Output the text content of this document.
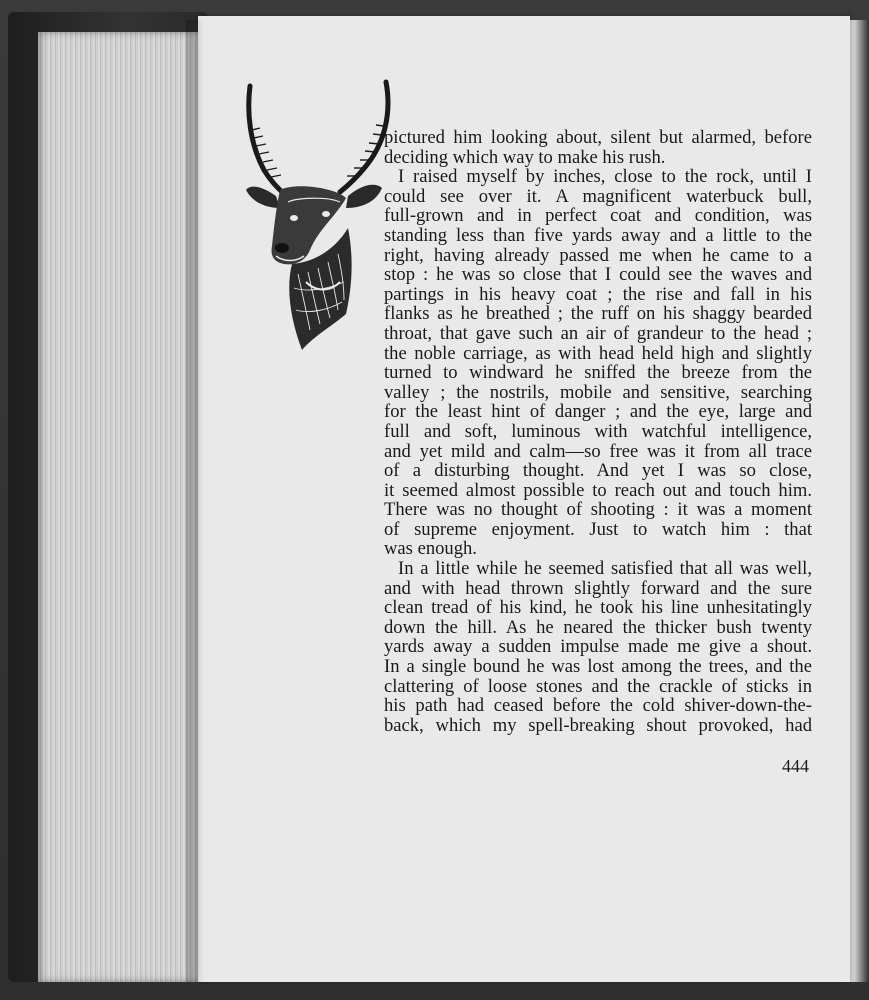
pictured him looking about, silent but alarmed, before
deciding which way to make his rush.

I raised myself by inches, close to the rock, until I
could see over it. A magnificent waterbuck bull,
full-grown and in perfect coat and condition, was
standing less than five yards away and a little to the
right, having already passed me when he came to a
stop : he was so close that I could see the waves and
partings in his heavy coat ; the rise and fall in his
flanks as he breathed ; the ruff on his shaggy bearded
throat, that gave such an air of grandeur to the head ;
the noble carriage, as with head held high and slightly
turned to windward he sniffed the breeze from the
valley ; the nostrils, mobile and sensitive, searching
for the least hint of danger ; and the eye, large and
full and soft, luminous with watchful intelligence,
and yet mild and calm—so free was it from all trace
of a disturbing thought. And yet I was so close,
it seemed almost possible to reach out and touch him.
There was no thought of shooting : it was a moment
of supreme enjoyment. Just to watch him : that
was enough.

In a little while he seemed satisfied that all was well,
and with head thrown slightly forward and the sure
clean tread of his kind, he took his line unhesitatingly
down the hill. As he neared the thicker bush twenty
yards away a sudden impulse made me give a shout.
In a single bound he was lost among the trees, and the
clattering of loose stones and the crackle of sticks in
his path had ceased before the cold shiver-down-the-
back, which my spell-breaking shout provoked, had

444
